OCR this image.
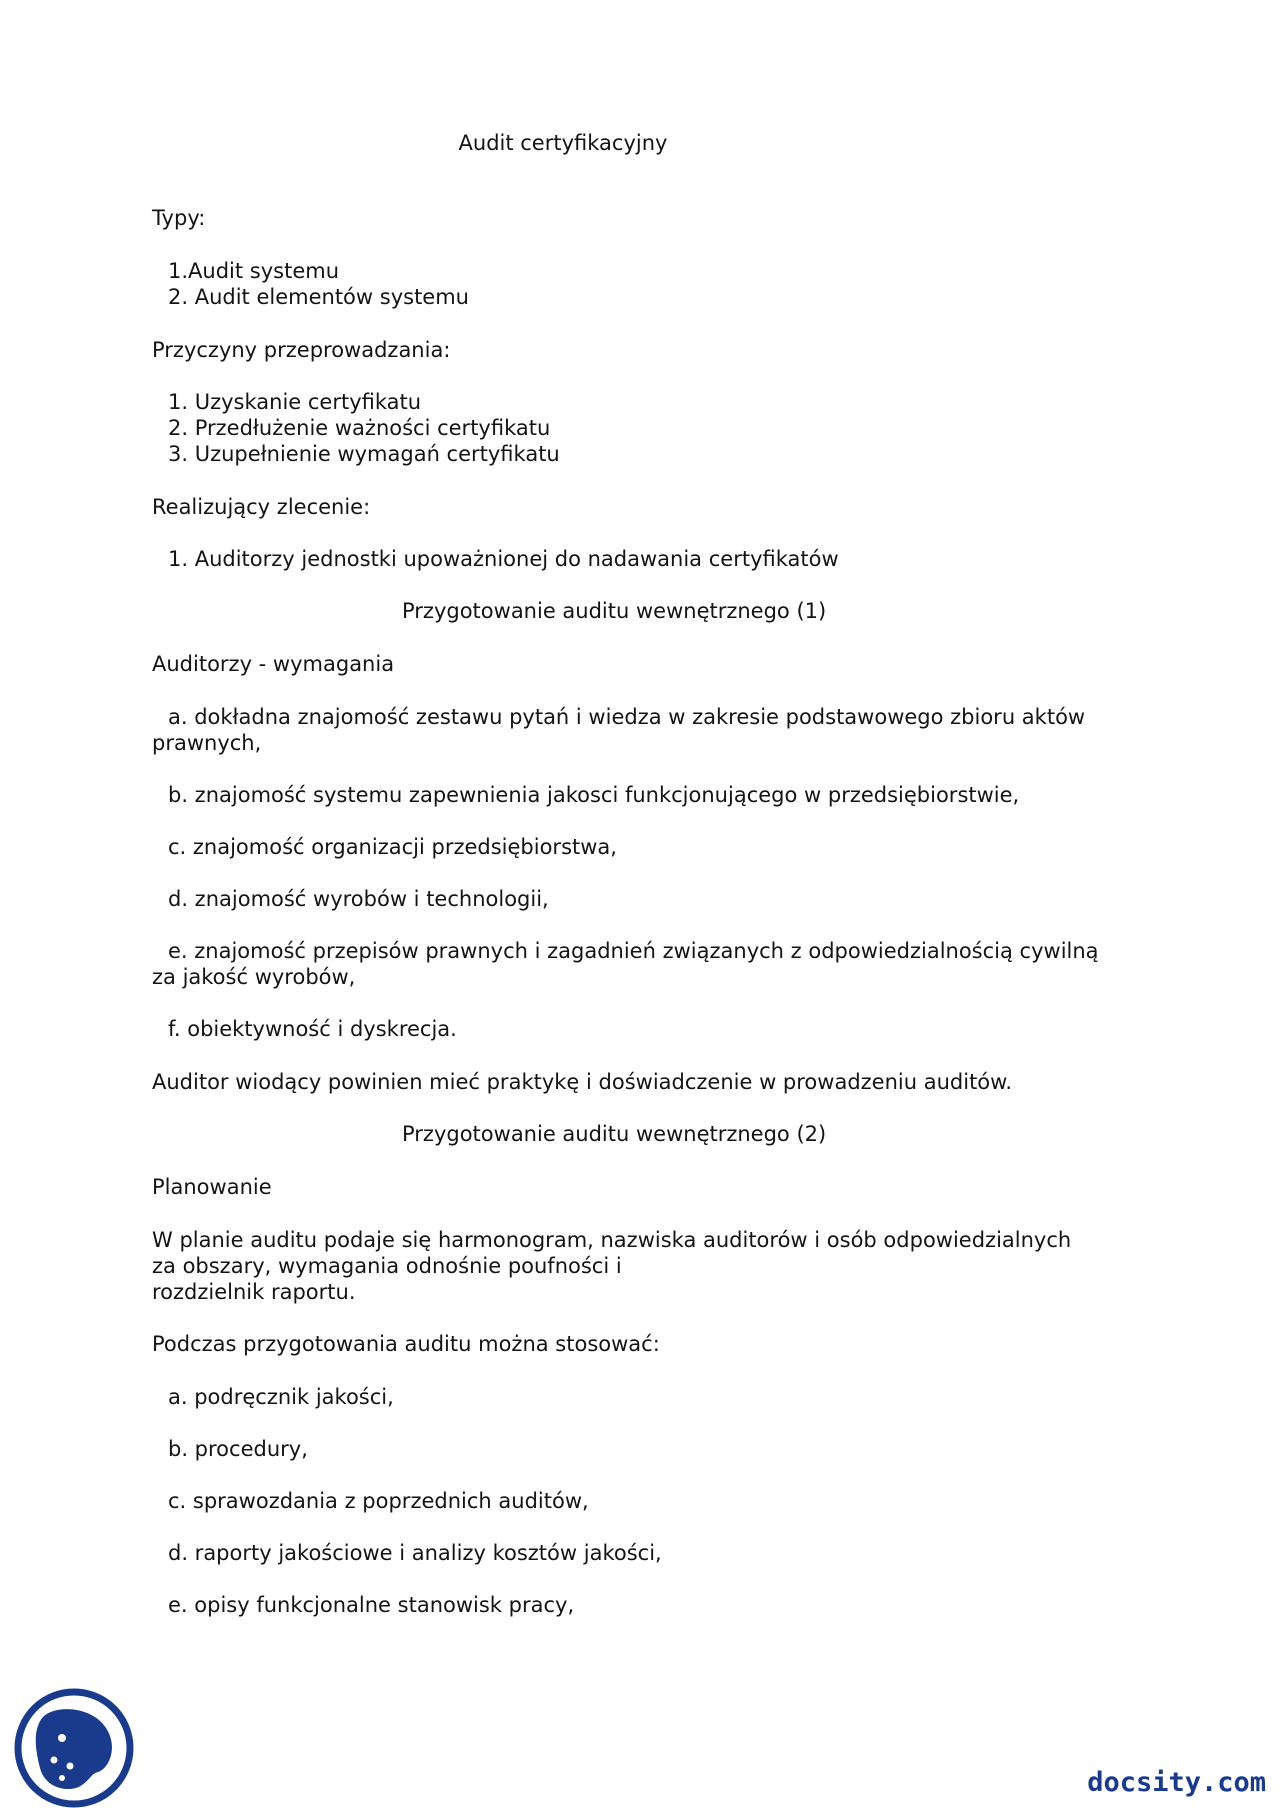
Audit certyfikacyjny

Typy:

1.Audit systemu

2. Audit elementów systemu

Przyczyny przeprowadzania:

1. Uzyskanie certyfikatu

2. Przedłużenie ważności certyfikatu

3. Uzupełnienie wymagań certyfikatu

Realizujący zlecenie:

1. Auditorzy jednostki upoważnionej do nadawania certyfikatów

Przygotowanie auditu wewnętrznego (1)

Auditorzy - wymagania

a. dokładna znajomość zestawu pytań i wiedza w zakresie podstawowego zbioru aktów

prawnych,

b. znajomość systemu zapewnienia jakosci funkcjonującego w przedsiębiorstwie,

c. znajomość organizacji przedsiębiorstwa,

d. znajomość wyrobów i technologii,

e. znajomość przepisów prawnych i zagadnień związanych z odpowiedzialnością cywilną

za jakość wyrobów,

f. obiektywność i dyskrecja.

Auditor wiodący powinien mieć praktykę i doświadczenie w prowadzeniu auditów.

Przygotowanie auditu wewnętrznego (2)

Planowanie

W planie auditu podaje się harmonogram, nazwiska auditorów i osób odpowiedzialnych

za obszary, wymagania odnośnie poufności i

rozdzielnik raportu.

Podczas przygotowania auditu można stosować:

a. podręcznik jakości,

b. procedury,

c. sprawozdania z poprzednich auditów,

d. raporty jakościowe i analizy kosztów jakości,

e. opisy funkcjonalne stanowisk pracy,

docsity.com
